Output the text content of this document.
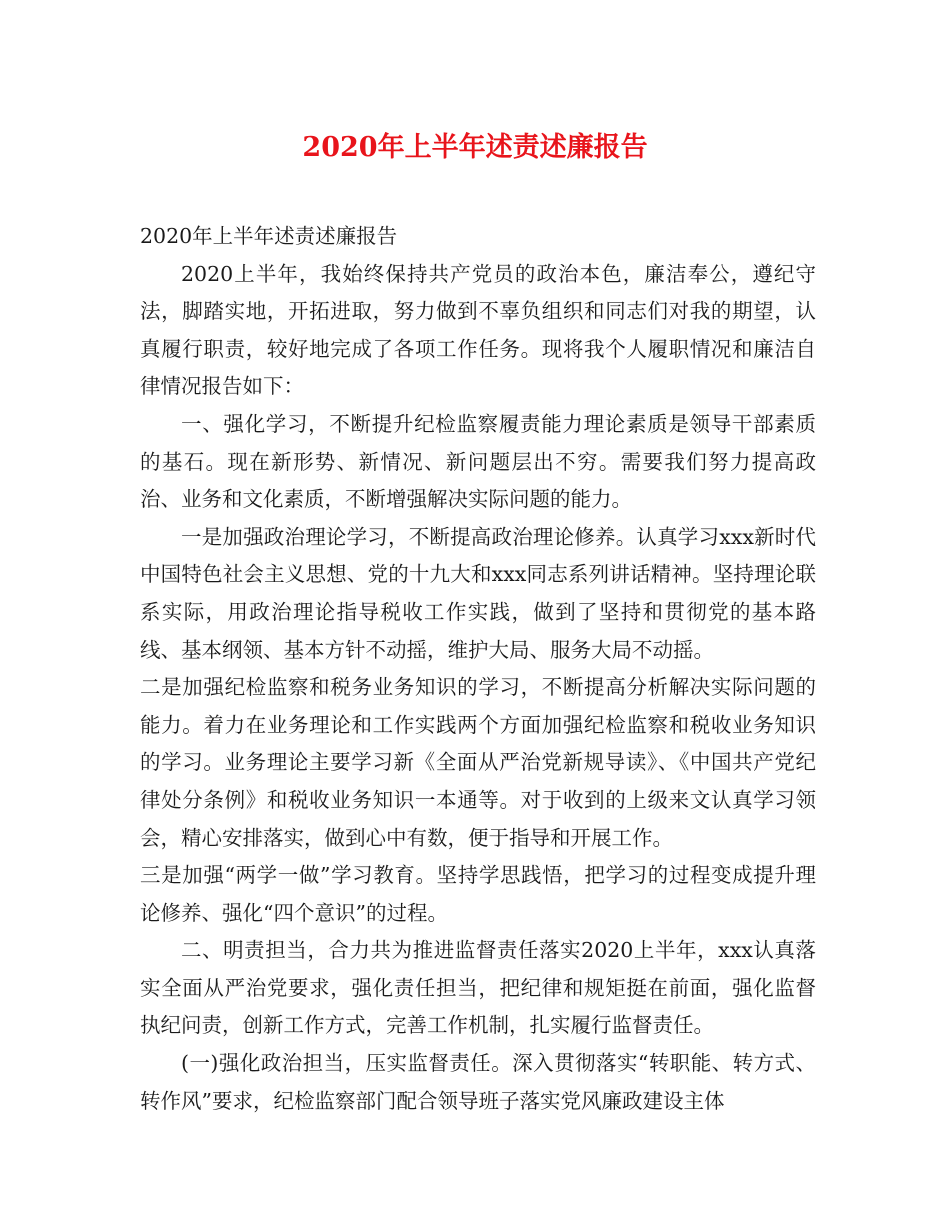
2020年上半年述责述廉报告

2020年上半年述责述廉报告

2020上半年，我始终保持共产党员的政治本色，廉洁奉公，遵纪守法，脚踏实地，开拓进取，努力做到不辜负组织和同志们对我的期望，认真履行职责，较好地完成了各项工作任务。现将我个人履职情况和廉洁自律情况报告如下：

一、强化学习，不断提升纪检监察履责能力理论素质是领导干部素质的基石。现在新形势、新情况、新问题层出不穷。需要我们努力提高政治、业务和文化素质，不断增强解决实际问题的能力。

一是加强政治理论学习，不断提高政治理论修养。认真学习xxx新时代中国特色社会主义思想、党的十九大和xxx同志系列讲话精神。坚持理论联系实际，用政治理论指导税收工作实践，做到了坚持和贯彻党的基本路线、基本纲领、基本方针不动摇，维护大局、服务大局不动摇。

二是加强纪检监察和税务业务知识的学习，不断提高分析解决实际问题的能力。着力在业务理论和工作实践两个方面加强纪检监察和税收业务知识的学习。业务理论主要学习新《全面从严治党新规导读》、《中国共产党纪律处分条例》和税收业务知识一本通等。对于收到的上级来文认真学习领会，精心安排落实，做到心中有数，便于指导和开展工作。

三是加强“两学一做”学习教育。坚持学思践悟，把学习的过程变成提升理论修养、强化“四个意识”的过程。

二、明责担当，合力共为推进监督责任落实2020上半年，xxx认真落实全面从严治党要求，强化责任担当，把纪律和规矩挺在前面，强化监督执纪问责，创新工作方式，完善工作机制，扎实履行监督责任。

(一)强化政治担当，压实监督责任。深入贯彻落实“转职能、转方式、转作风”要求，纪检监察部门配合领导班子落实党风廉政建设主体
